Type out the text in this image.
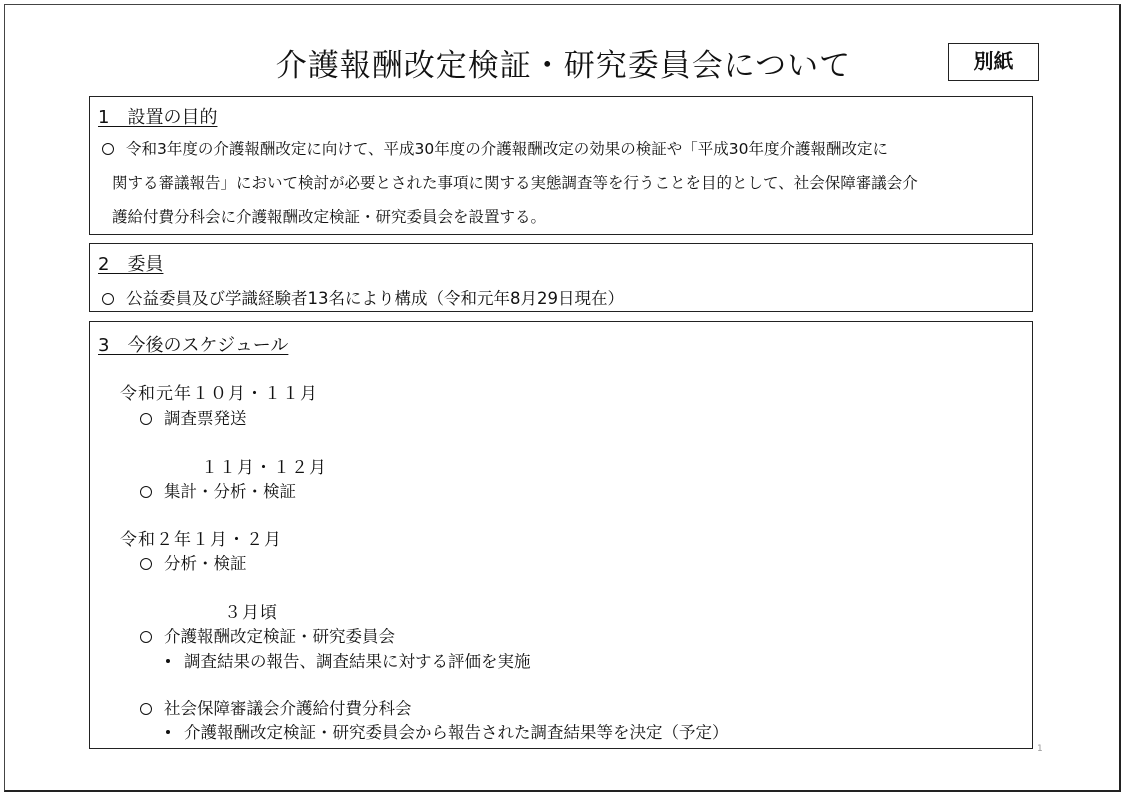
介護報酬改定検証・研究委員会について	別紙
1　設置の目的
令和3年度の介護報酬改定に向けて、平成30年度の介護報酬改定の効果の検証や「平成30年度介護報酬改定に
関する審議報告」において検討が必要とされた事項に関する実態調査等を行うことを目的として、社会保障審議会介
護給付費分科会に介護報酬改定検証・研究委員会を設置する。
2　委員
公益委員及び学識経験者13名により構成（令和元年8月29日現在）
3　今後のスケジュール
令和元年１０月・１１月
調査票発送
１１月・１２月
集計・分析・検証
令和２年１月・２月
分析・検証
３月頃
介護報酬改定検証・研究委員会
調査結果の報告、調査結果に対する評価を実施
社会保障審議会介護給付費分科会
介護報酬改定検証・研究委員会から報告された調査結果等を決定（予定）
1
